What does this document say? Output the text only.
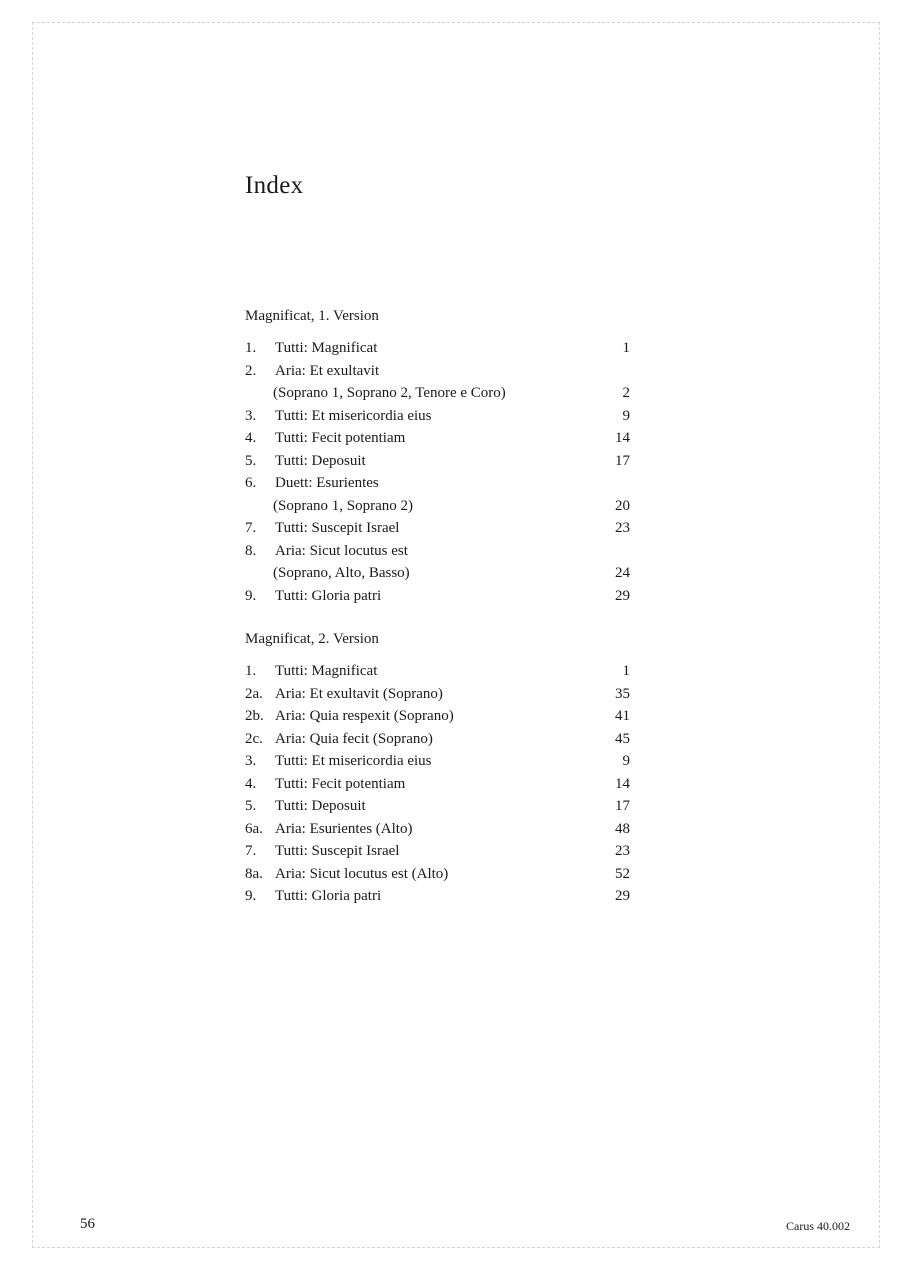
Index
Magnificat, 1. Version
1. Tutti: Magnificat	1
2. Aria: Et exultavit
(Soprano 1, Soprano 2, Tenore e Coro)	2
3. Tutti: Et misericordia eius	9
4. Tutti: Fecit potentiam	14
5. Tutti: Deposuit	17
6. Duett: Esurientes
(Soprano 1, Soprano 2)	20
7. Tutti: Suscepit Israel	23
8. Aria: Sicut locutus est
(Soprano, Alto, Basso)	24
9. Tutti: Gloria patri	29
Magnificat, 2. Version
1. Tutti: Magnificat	1
2a. Aria: Et exultavit (Soprano)	35
2b. Aria: Quia respexit (Soprano)	41
2c. Aria: Quia fecit (Soprano)	45
3. Tutti: Et misericordia eius	9
4. Tutti: Fecit potentiam	14
5. Tutti: Deposuit	17
6a. Aria: Esurientes (Alto)	48
7. Tutti: Suscepit Israel	23
8a. Aria: Sicut locutus est (Alto)	52
9. Tutti: Gloria patri	29
56	Carus 40.002
